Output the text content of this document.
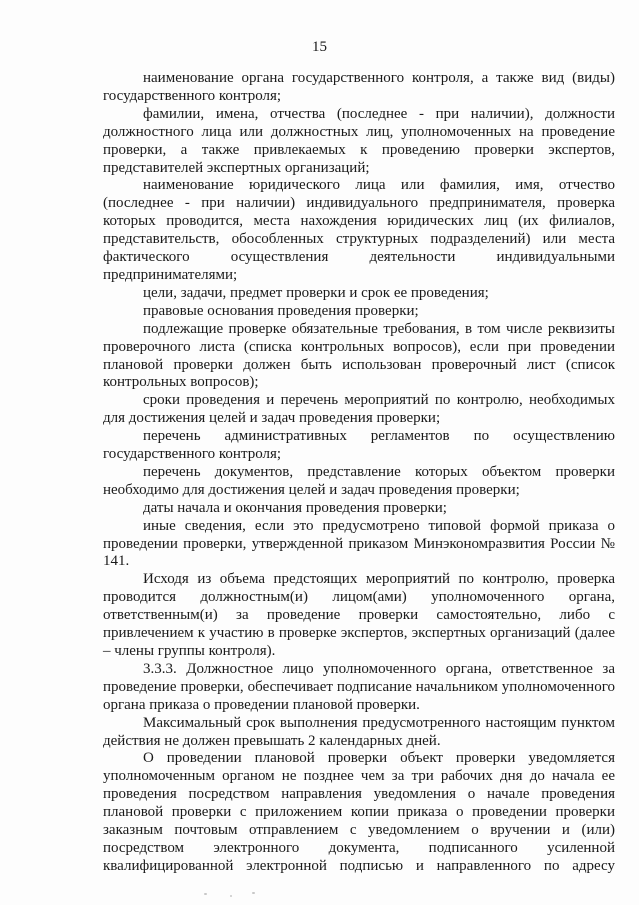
15

наименование органа государственного контроля, а также вид (виды) государственного контроля;

фамилии, имена, отчества (последнее - при наличии), должности должностного лица или должностных лиц, уполномоченных на проведение проверки, а также привлекаемых к проведению проверки экспертов, представителей экспертных организаций;

наименование юридического лица или фамилия, имя, отчество (последнее - при наличии) индивидуального предпринимателя, проверка которых проводится, места нахождения юридических лиц (их филиалов, представительств, обособленных структурных подразделений) или места фактического осуществления деятельности индивидуальными предпринимателями;

цели, задачи, предмет проверки и срок ее проведения;

правовые основания проведения проверки;

подлежащие проверке обязательные требования, в том числе реквизиты проверочного листа (списка контрольных вопросов), если при проведении плановой проверки должен быть использован проверочный лист (список контрольных вопросов);

сроки проведения и перечень мероприятий по контролю, необходимых для достижения целей и задач проведения проверки;

перечень административных регламентов по осуществлению государственного контроля;

перечень документов, представление которых объектом проверки необходимо для достижения целей и задач проведения проверки;

даты начала и окончания проведения проверки;

иные сведения, если это предусмотрено типовой формой приказа о проведении проверки, утвержденной приказом Минэкономразвития России № 141.

Исходя из объема предстоящих мероприятий по контролю, проверка проводится должностным(и) лицом(ами) уполномоченного органа, ответственным(и) за проведение проверки самостоятельно, либо с привлечением к участию в проверке экспертов, экспертных организаций (далее – члены группы контроля).

3.3.3. Должностное лицо уполномоченного органа, ответственное за проведение проверки, обеспечивает подписание начальником уполномоченного органа приказа о проведении плановой проверки.

Максимальный срок выполнения предусмотренного настоящим пунктом действия не должен превышать 2 календарных дней.

О проведении плановой проверки объект проверки уведомляется уполномоченным органом не позднее чем за три рабочих дня до начала ее проведения посредством направления уведомления о начале проведения плановой проверки с приложением копии приказа о проведении проверки заказным почтовым отправлением с уведомлением о вручении и (или) посредством электронного документа, подписанного усиленной квалифицированной электронной подписью и направленного по адресу
